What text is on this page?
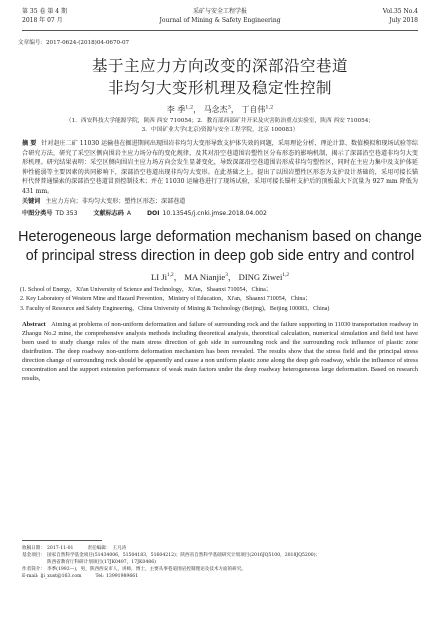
第 35 卷 第 4 期
2018 年 07 月
采矿与安全工程学报
Journal of Mining & Safety Engineering
Vol.35 No.4
July 2018
文章编号：2017-0624-(2018)04-0670-07
基于主应力方向改变的深部沿空巷道
非均匀大变形机理及稳定性控制
李 季$^{1,2}$， 马念杰$^3$， 丁自伟$^{1,2}$
（1．西安科技大学能源学院，陕西 西安 710054；2．教育部西部矿井开采及灾害防治重点实验室，陕西 西安 710054；
3．中国矿业大学(北京)资源与安全工程学院，北京 100083）
摘 要 针对赵庄二矿 11030 运输巷在掘进期间出现围岩非均匀大变形导致支护体失效的问题，采用理论分析、理论计算、数值模拟和现场试验等综合研究方法，研究了采空区侧向围岩主应力场分布的变化规律，及其对沿空巷道围岩塑性区分布形态的影响机制，揭示了深部沿空巷道非均匀大变形机理。研究结果表明：采空区侧向围岩主应力场方向会发生显著变化，导致深部沿空巷道围岩形成非均匀塑性区，同时在主应力集中及支护体延伸性能弱等主要因素的共同影响下，深部沿空巷道出现非均匀大变形。在此基础之上，提出了以围岩塑性区形态为支护设计基础的，采用可接长锚杆代替普通锚索的深部沿空巷道冒顶控制技术；并在 11030 运输巷进行了现场试验，采用可接长锚杆支护后的顶板最大下沉量为 927 mm 降低为 431 mm。
关键词 主应力方向；非均匀大变形；塑性区形态；深部巷道
中图分类号 TD 353	文献标志码 A	DOI 10.13545/j.cnki.jmse.2018.04.002
Heterogeneous large deformation mechanism based on change
of principal stress direction in deep gob side entry and control
LI Ji$^{1,2}$， MA Nianjie$^3$， DING Ziwei$^{1,2}$
(1. School of Energy，Xi'an University of Science and Technology，Xi'an，Shaanxi 710054，China；
2. Key Laboratory of Western Mine and Hazard Prevention，Ministry of Education，Xi'an，Shaanxi 710054，China；
3. Faculty of Resource and Safety Engineering，China University of Mining & Technology (Beijing)，Beijing 100083，China)
Abstract Aiming at problems of non-uniform deformation and failure of surrounding rock and the failure supporting in 11030 transportation roadway in Zhaogu No.2 mine, the comprehensive analysis methods including theoretical analysis, theoretical calculation, numerical simulation and field test have been used to study change rules of the main stress direction of gob side in surrounding rock and the surrounding rock influence of plastic zone distribution. The deep roadway non-uniform deformation mechanism has been revealed. The results show that the stress field and the principal stress direction change of surrounding rock should be apparently and cause a non uniform plastic zone along the deep gob roadway, while the influence of stress concentration and the support extension performance of weak main factors under the deep roadway heterogeneous large deformation. Based on research results,
收稿日期： 2017-11-01	责任编辑： 王凡涛
基金项目： 国家自然科学基金项目(51434006，51504183，51604212)；陕西省自然科学基础研究计划项目(2016JQ5100，2018JQ5200)；
陕西省教育厅科研计划项目(17JK0497，17JK0486)
作者简介： 李季(1992—)，男，陕西西安市人，讲师，博士，主要从事巷道围岩控制理论及技术方面的研究。
E-mail: lji_xust@163.com	Tel: 13991989661
